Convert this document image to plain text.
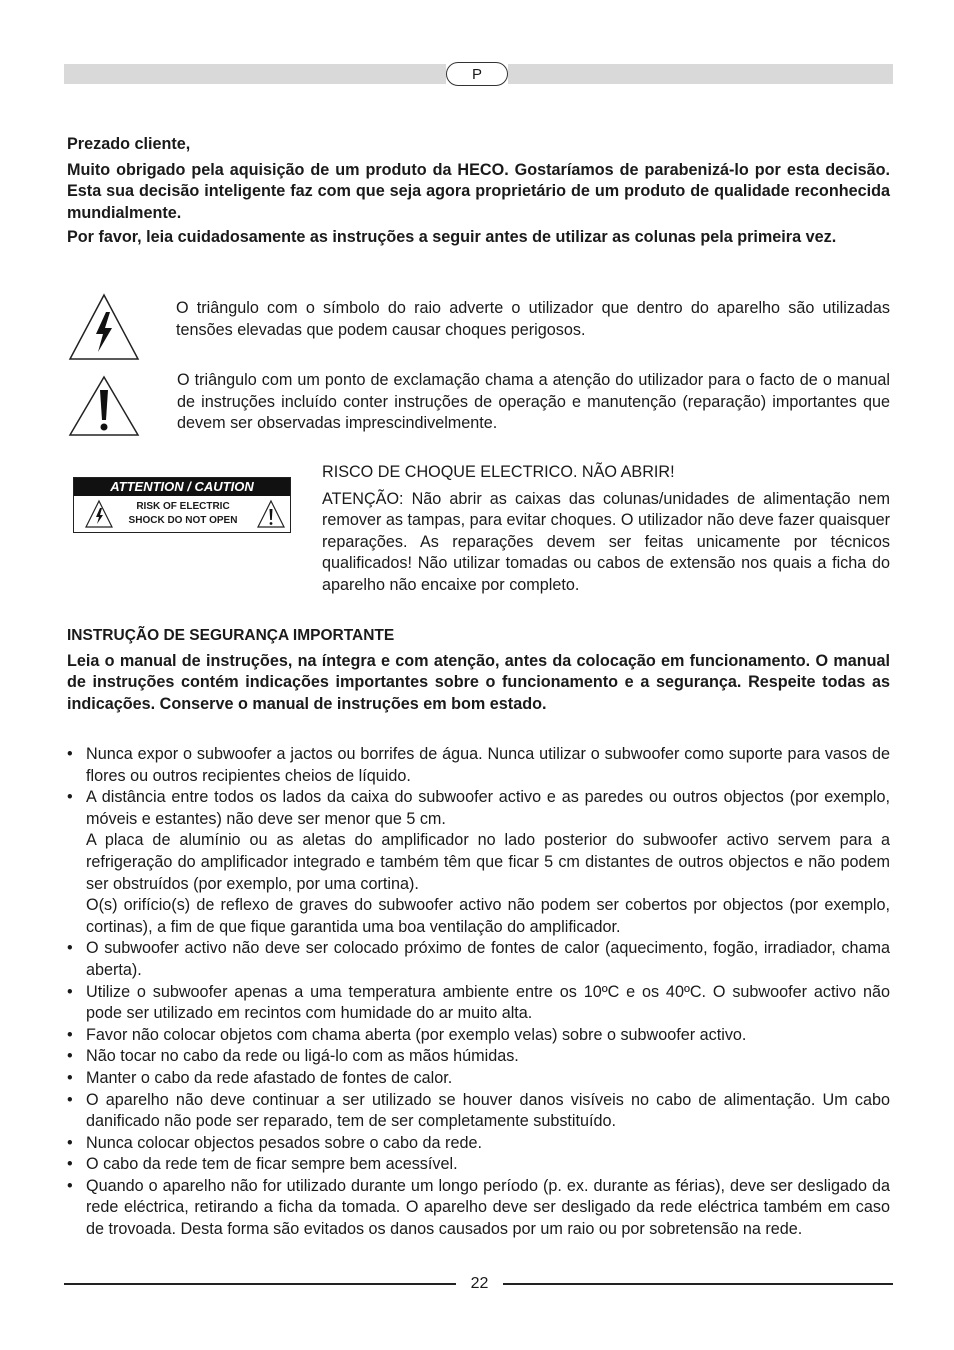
P
Prezado cliente,
Muito obrigado pela aquisição de um produto da HECO. Gostaríamos de parabenizá-lo por esta decisão. Esta sua decisão inteligente faz com que seja agora proprietário de um produto de qualidade reconhecida mundialmente.
Por favor, leia cuidadosamente as instruções a seguir antes de utilizar as colunas pela primeira vez.
O triângulo com o símbolo do raio adverte o utilizador que dentro do aparelho são utilizadas tensões elevadas que podem causar choques perigosos.
O triângulo com um ponto de exclamação chama a atenção do utilizador para o facto de o manual de instruções incluído conter instruções de operação e manutenção (reparação) importantes que devem ser observadas imprescindivelmente.
ATTENTION / CAUTION
RISK OF ELECTRIC
SHOCK DO NOT OPEN
RISCO DE CHOQUE ELECTRICO. NÃO ABRIR!
ATENÇÃO: Não abrir as caixas das colunas/unidades de alimentação nem remover as tampas, para evitar choques. O utilizador não deve fazer quaisquer reparações. As reparações devem ser feitas unicamente por técnicos qualificados! Não utilizar tomadas ou cabos de extensão nos quais a ficha do aparelho não encaixe por completo.
INSTRUÇÃO DE SEGURANÇA IMPORTANTE
Leia o manual de instruções, na íntegra e com atenção, antes da colocação em funcionamento. O manual de instruções contém indicações importantes sobre o funcionamento e a segurança. Respeite todas as indicações. Conserve o manual de instruções em bom estado.
• Nunca expor o subwoofer a jactos ou borrifes de água. Nunca utilizar o subwoofer como suporte para vasos de flores ou outros recipientes cheios de líquido.
• A distância entre todos os lados da caixa do subwoofer activo e as paredes ou outros objectos (por exemplo, móveis e estantes) não deve ser menor que 5 cm.
A placa de alumínio ou as aletas do amplificador no lado posterior do subwoofer activo servem para a refrigeração do amplificador integrado e também têm que ficar 5 cm distantes de outros objectos e não podem ser obstruídos (por exemplo, por uma cortina).
O(s) orifício(s) de reflexo de graves do subwoofer activo não podem ser cobertos por objectos (por exemplo, cortinas), a fim de que fique garantida uma boa ventilação do amplificador.
• O subwoofer activo não deve ser colocado próximo de fontes de calor (aquecimento, fogão, irradiador, chama aberta).
• Utilize o subwoofer apenas a uma temperatura ambiente entre os 10ºC e os 40ºC. O subwoofer activo não pode ser utilizado em recintos com humidade do ar muito alta.
• Favor não colocar objetos com chama aberta (por exemplo velas) sobre o subwoofer activo.
• Não tocar no cabo da rede ou ligá-lo com as mãos húmidas.
• Manter o cabo da rede afastado de fontes de calor.
• O aparelho não deve continuar a ser utilizado se houver danos visíveis no cabo de alimentação. Um cabo danificado não pode ser reparado, tem de ser completamente substituído.
• Nunca colocar objectos pesados sobre o cabo da rede.
• O cabo da rede tem de ficar sempre bem acessível.
• Quando o aparelho não for utilizado durante um longo período (p. ex. durante as férias), deve ser desligado da rede eléctrica, retirando a ficha da tomada. O aparelho deve ser desligado da rede eléctrica também em caso de trovoada. Desta forma são evitados os danos causados por um raio ou por sobretensão na rede.
22
